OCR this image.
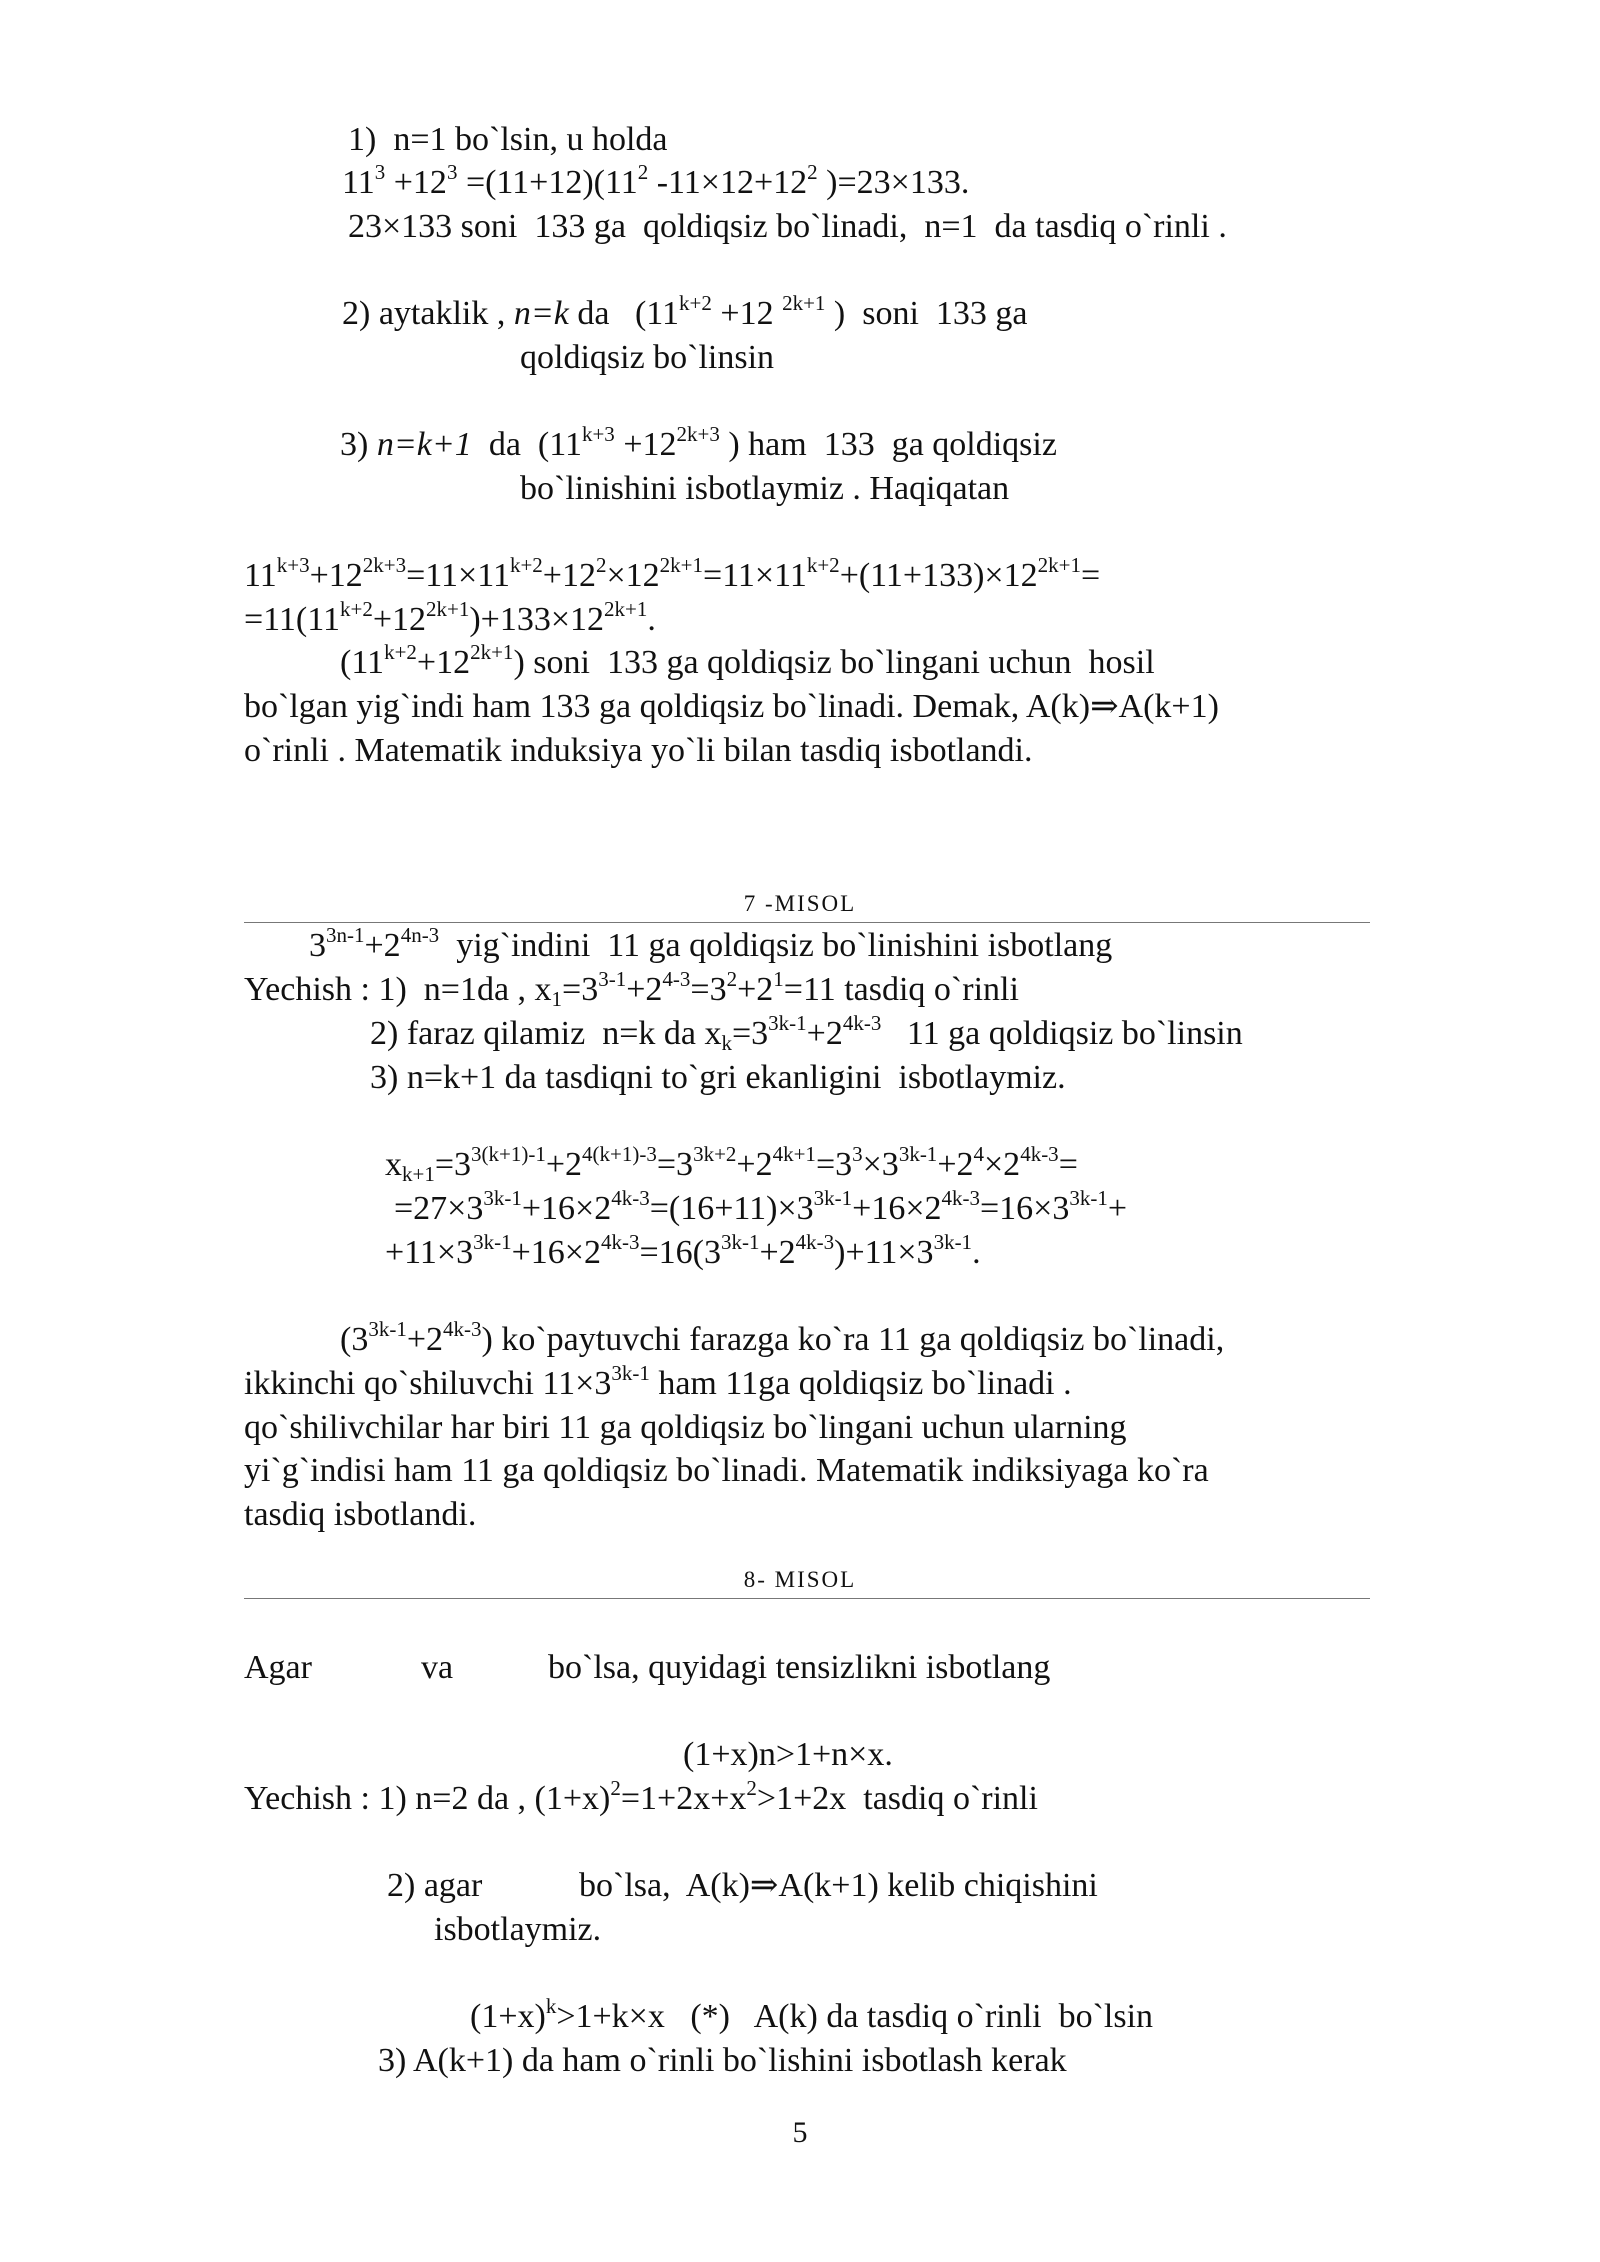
1)  n=1 bo`lsin, u holda
$11^3 +12^3 =(11+12)(11^2$ $-11\times 12+12^2$ )=23×133.
23×133 soni  133 ga  qoldiqsiz bo`linadi,  n=1  da tasdiq o`rinli .
2) aytaklik , n=k da   ($11^{k+2} +12$ $^{2k+1}$ )  soni  133 ga
qoldiqsiz bo`linsin
3) n=k+1  da  ($11^{k+3} +12^{2k+3}$ ) ham  133  ga qoldiqsiz
bo`linishini isbotlaymiz . Haqiqatan
$11^{k+3}+12^{2k+3}=11\times 11^{k+2}+12^2\times 12^{2k+1}=11\times 11^{k+2}+(11+133)\times 12^{2k+1}=$
$=11(11^{k+2}+12^{2k+1})+133\times 12^{2k+1}$.
$(11^{k+2}+12^{2k+1})$ soni  133 ga qoldiqsiz bo`lingani uchun  hosil
bo`lgan yig`indi ham 133 ga qoldiqsiz bo`linadi. Demak, A(k)⇒A(k+1)
o`rinli . Matematik induksiya yo`li bilan tasdiq isbotlandi.
7 -MISOL
$3^{3n-1}+2^{4n-3}$  yig`indini  11 ga qoldiqsiz bo`linishini isbotlang
Yechish : 1)  n=1da , $x_1=3^{3-1}+2^{4-3}=3^2+2^1=11$ tasdiq o`rinli
2) faraz qilamiz  n=k da $x_k=3^{3k-1}+2^{4k-3}$   11 ga qoldiqsiz bo`linsin
3) n=k+1 da tasdiqni to`gri ekanligini  isbotlaymiz.
$x_{k+1}=3^{3(k+1)-1}+2^{4(k+1)-3}=3^{3k+2}+2^{4k+1}=3^3\times 3^{3k-1}+2^4\times 2^{4k-3}=$
$=27\times 3^{3k-1}+16\times 2^{4k-3}=(16+11)\times 3^{3k-1}+16\times 2^{4k-3}=16\times 3^{3k-1}+$
$+11\times 3^{3k-1}+16\times 2^{4k-3}=16(3^{3k-1}+2^{4k-3})+11\times 3^{3k-1}$.
$(3^{3k-1}+2^{4k-3})$ ko`paytuvchi farazga ko`ra 11 ga qoldiqsiz bo`linadi,
ikkinchi qo`shiluvchi $11\times 3^{3k-1}$ ham 11ga qoldiqsiz bo`linadi .
qo`shilivchilar har biri 11 ga qoldiqsiz bo`lingani uchun ularning
yi`g`indisi ham 11 ga qoldiqsiz bo`linadi. Matematik indiksiyaga ko`ra
tasdiq isbotlandi.
8- MISOL
Agar	va	bo`lsa, quyidagi tensizlikni isbotlang
(1+x)n>1+n×x.
Yechish : 1) n=2 da , $(1+x)^2=1+2x+x^2>1+2x$  tasdiq o`rinli
2) agar	bo`lsa,  A(k)⇒A(k+1) kelib chiqishini
isbotlaymiz.
$(1+x)^k>1+k\times x$   (*)   A(k) da tasdiq o`rinli  bo`lsin
3) A(k+1) da ham o`rinli bo`lishini isbotlash kerak
5
